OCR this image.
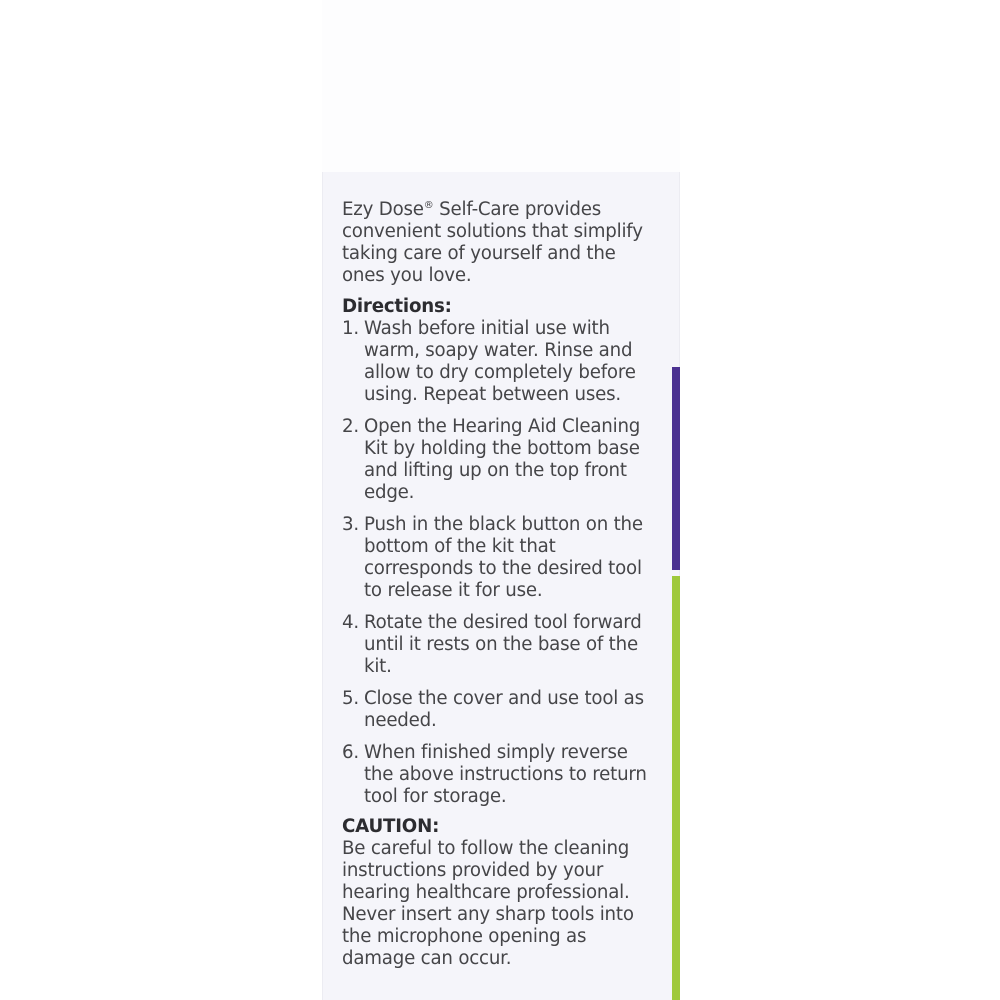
Ezy Dose® Self-Care provides convenient solutions that simplify taking care of yourself and the ones you love.

Directions:

1. Wash before initial use with warm, soapy water. Rinse and allow to dry completely before using. Repeat between uses.
2. Open the Hearing Aid Cleaning Kit by holding the bottom base and lifting up on the top front edge.
3. Push in the black button on the bottom of the kit that corresponds to the desired tool to release it for use.
4. Rotate the desired tool forward until it rests on the base of the kit.
5. Close the cover and use tool as needed.
6. When finished simply reverse the above instructions to return tool for storage.

CAUTION:

Be careful to follow the cleaning instructions provided by your hearing healthcare professional. Never insert any sharp tools into the microphone opening as damage can occur.
